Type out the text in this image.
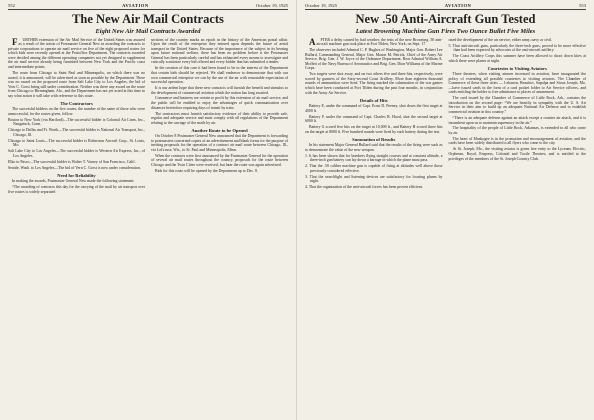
552	AVIATION	October 19, 1925
The New Air Mail Contracts
Eight New Air Mail Contracts Awarded

FURTHER extension of the Air Mail Service of the United States was assured as a result of the action of Postmaster General New in awarding the contracts to private corporations to operate air mail service on five of the eight proposed routes for which bids were recently opened at the Postoffice Department. The contracts awarded were decided among the different operating companies not yet designed to supplement the air mail service already being furnished between New York and the Pacific coast and intermediate points.

The route from Chicago to Saint Paul and Minneapolis, on which there was no award, it is announced, will be advertised as soon as possible by the Department. There was no award on the proposed route from Salt Lake City to Los Angeles, the bid of Vern C. Gorst being still under consideration. Neither was there any award on the route from Chicago to Birmingham, Ala., and the Department has not yet acted at this time to say what action it will take with reference to this route.

The Contractors

The successful bidders on the five routes, the number of the same of those who were unsuccessful, for the routes given, follow:

Boston to New York (via Hartford)—The successful bidder is Colonial Air Lines, Inc., Naugatuck, Conn.

Chicago to Dallas and Ft. Worth—The successful bidder is National Air Transport, Inc., Chicago, Ill.

Chicago to Saint Louis—The successful bidder is Robertson Aircraft Corp., St. Louis, Mo.

Salt Lake City to Los Angeles—The successful bidder is Western Air Express, Inc., of Los Angeles.

Elko to Pasco—The successful bidder is Walter T. Varney of San Francisco, Calif.

Seattle, Wash. to Los Angeles—The bid of Vern C. Gorst is now under consideration.

Need for Reliability

In making the awards, Postmaster General New made the following statement:

“The awarding of contracts this day for the carrying of the mail by air transport over five routes is widely separated

sections of the country marks an epoch in the history of the American postal affair. Upon the result of the enterprise they entered upon depends the future of aerial transport in the United States. Because of the importance of the subject in its bearing upon future national welfare, there has been no problem before it the Postmaster General has been particularly careful and has exhausted every means to investigate and critically scrutinize every bid offered and every bidder that has submitted a tender.

In the creation of this case it had been found to be in the interest of the Department that certain bids should be rejected. We shall endeavor to demonstrate that with our own commercial enterprise we can by the use of the air with reasonable expectation of successful operation.

It is our ardent hope that these new contracts will furnish the benefit and stimulus to the development of commercial aviation which the nation has long awaited.

Commerce and business are certain to profit by this extension of air mail service, and the public will be enabled to enjoy the advantages of quick communication over distances heretofore requiring days of transit by train.

The contractors must furnish satisfactory evidence of their ability to provide safe, regular and adequate service and must comply with all regulations of the Department relating to the carriage of the mails by air.

Another Route to be Opened

On October 8 Postmaster General New announced that the Department is forwarding to postmasters concerned copies of an advertisement and blank forms for the purpose of inviting proposals for the operation of a contract air mail route between Chicago, Ill., via LaCrosse, Wis., to St. Paul and Minneapolis, Minn.

When the contracts were first announced by the Postmaster General for the operation of several air mail routes throughout the country, proposals for the route between Chicago and the Twin Cities were received, but later the route was again advertised.

Bids for this route will be opened by the Department up to Dec. 8.

October 19, 1925	AVIATION	553
New .50 Anti-Aircraft Gun Tested
Latest Browning Machine Gun Fires Two Ounce Bullet Five Miles

AFTER a delay caused by bad weather, the tests of the new Browning .50 anti-aircraft machine gun took place at Fort Tilden, New York, on Sept. 17.

The observers included Admiral C. P. Hughes of Washington, Major Gen. Robert Lee Bullard, Commanding General, Major Gen. Mason M. Patrick, Chief of the Army Air Service, Brig. Gen. J. W. Joyce of the Ordnance Department, Rear Admiral William A. Moffett of the Navy Bureau of Aeronautics and Brig. Gen. Dion Williams of the Marine Corps.

Two targets were shot away, and on two others five and three hits, respectively, were scored by gunners of the Sixty-second Coast Artillery. More than eighteen thousand rounds of ammunition were fired. The firing marked the culmination of the war games which have been conducted at Fort Tilden during the past four months, in conjunction with the Army Air Service.

Details of Hits

Battery E, under the command of Capt. Ernst D. Peeney, shot down the first target at 4000 ft.

Battery F, under the command of Capt. Charles R. Hood, shot the second target at 6000 ft.

Battery G scored five hits on the target at 10,000 ft., and Battery H scored three hits on the target at 8000 ft. Five hundred rounds were fired by each battery during the test.

Summation of Results

In his statement Major General Bullard said that the results of the firing were such as to demonstrate the value of the new weapon.

1. It has been shown that for bombers flying straight courses and at constant altitude, a three-inch gun battery can lay down a barrage in which the plane must pass.

2. That the .50 caliber machine gun is capable of firing at altitudes well above those previously considered effective.

3. That the searchlight and listening devices are satisfactory for locating planes by night.

4. That the organization of the anti-aircraft forces has been proven efficient.

rated the development of the air service, either army, navy or civil.

5. That anti-aircraft guns, particularly the three-inch guns, proved to be more effective than had been expected by advocates of the anti-aircraft artillery.

The Coast Artillery Corps this summer have been allowed to shoot down kites at which there were planes at night.

Courtesies to Visiting Aviators

Three theaters, when visiting airmen increased in aviation, have inaugurated the policy of extending all possible courtesies to visiting aviators. The Chamber of Commerce of these three cities — Lebanon, Beaufort, Sapulpa and Sioux Joseph, Mo.—have issued cards in the form of a card pocket folder to Air Service officers, and cards entitling the holder to free admittance to places of amusement.

The card issued by the Chamber of Commerce of Little Rock, Ark., contains the introduction on the second page: “We are heartily in sympathy with the U. S. Air Service in their aim to build up an adequate National Air Defense and to establish commercial aviation in this country.”

“There is an adequate defense against an attack except a counter air attack, and it is incumbent upon us to maintain supremacy in the air.”

The hospitality of the people of Little Rock, Arkansas, is extended to all who come by air.

The heart of Muskogee is in the promotion and encouragement of aviation, and the cards have been widely distributed to all flyers who come to the city.

At St. Joseph, Mo., the visiting aviator is given free entry to the Lyceum, Electric, Orpheum, Royal, Empress, Colonial and Tootle Theatres, and is entitled to the privileges of the members of the St. Joseph Country Club.
